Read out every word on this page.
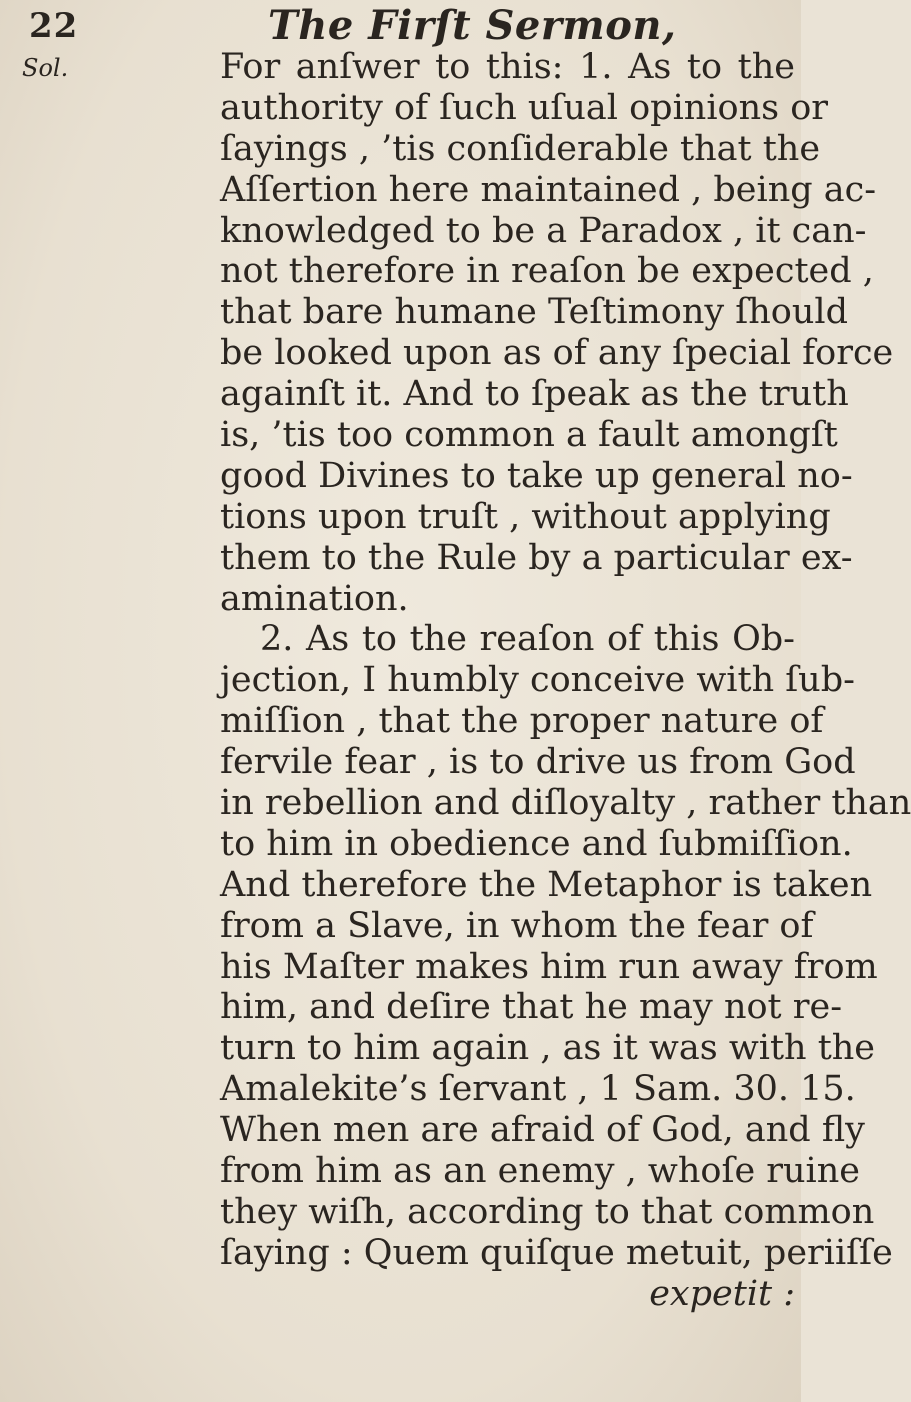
22	The Firſt Sermon,
Sol.	For anſwer to this: 1. As to the
authority of ſuch uſual opinions or
ſayings , ’tis conſiderable that the
Aſſertion here maintained , being ac-
knowledged to be a Paradox , it can-
not therefore in reaſon be expected ,
that bare humane Teſtimony ſhould
be looked upon as of any ſpecial force
againſt it. And to ſpeak as the truth
is, ’tis too common a fault amongſt
good Divines to take up general no-
tions upon truſt , without applying
them to the Rule by a particular ex-
amination.
2. As to the reaſon of this Ob-
jection, I humbly conceive with ſub-
miſſion , that the proper nature of
fervile fear , is to drive us from God
in rebellion and diſloyalty , rather than
to him in obedience and ſubmiſſion.
And therefore the Metaphor is taken
from a Slave, in whom the fear of
his Maſter makes him run away from
him, and deſire that he may not re-
turn to him again , as it was with the
Amalekite’s ſervant , 1 Sam. 30. 15.
When men are afraid of God, and fly
from him as an enemy , whoſe ruine
they wiſh, according to that common
ſaying : Quem quiſque metuit, periiſſe
expetit :
